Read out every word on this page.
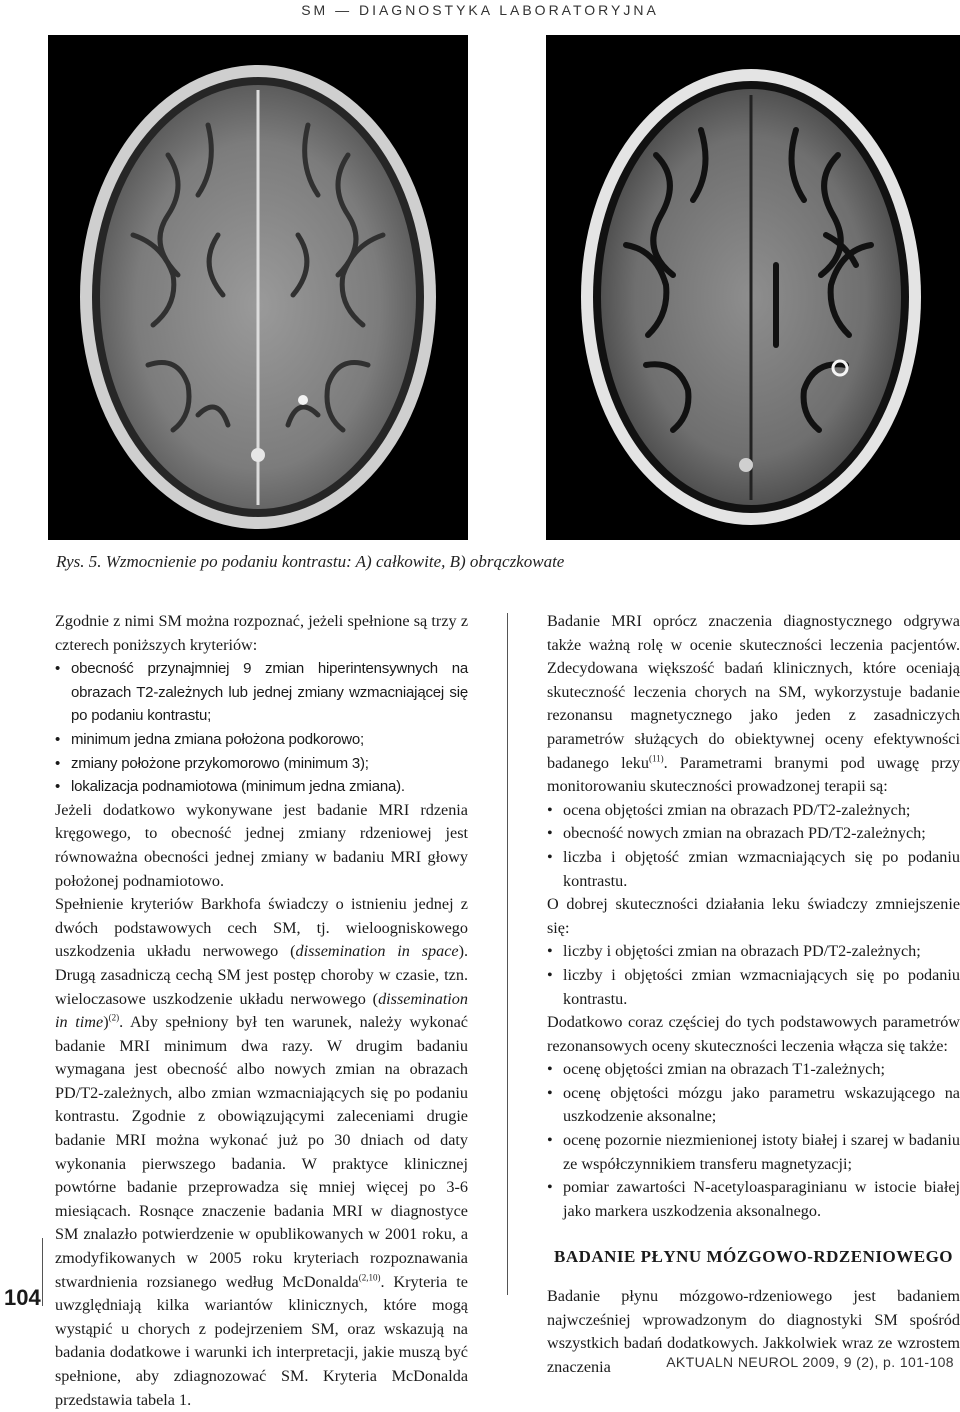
SM — DIAGNOSTYKA LABORATORYJNA
Rys. 5. Wzmocnienie po podaniu kontrastu: A) całkowite, B) obrączkowate

Zgodnie z nimi SM można rozpoznać, jeżeli spełnione są trzy z czterech poniższych kryteriów:

• obecność przynajmniej 9 zmian hiperintensywnych na obrazach T2-zależnych lub jednej zmiany wzmacniającej się po podaniu kontrastu;
• minimum jedna zmiana położona podkorowo;
• zmiany położone przykomorowo (minimum 3);
• lokalizacja podnamiotowa (minimum jedna zmiana).

Jeżeli dodatkowo wykonywane jest badanie MRI rdzenia kręgowego, to obecność jednej zmiany rdzeniowej jest równoważna obecności jednej zmiany w badaniu MRI głowy położonej podnamiotowo.

Spełnienie kryteriów Barkhofa świadczy o istnieniu jednej z dwóch podstawowych cech SM, tj. wieloogniskowego uszkodzenia układu nerwowego (dissemination in space). Drugą zasadniczą cechą SM jest postęp choroby w czasie, tzn. wieloczasowe uszkodzenie układu nerwowego (dissemination in time)$^{(2)}$. Aby spełniony był ten warunek, należy wykonać badanie MRI minimum dwa razy. W drugim badaniu wymagana jest obecność albo nowych zmian na obrazach PD/T2-zależnych, albo zmian wzmacniających się po podaniu kontrastu. Zgodnie z obowiązującymi zaleceniami drugie badanie MRI można wykonać już po 30 dniach od daty wykonania pierwszego badania. W praktyce klinicznej powtórne badanie przeprowadza się mniej więcej po 3-6 miesiącach. Rosnące znaczenie badania MRI w diagnostyce SM znalazło potwierdzenie w opublikowanych w 2001 roku, a zmodyfikowanych w 2005 roku kryteriach rozpoznawania stwardnienia rozsianego według McDonalda$^{(2,10)}$. Kryteria te uwzględniają kilka wariantów klinicznych, które mogą wystąpić u chorych z podejrzeniem SM, oraz wskazują na badania dodatkowe i warunki ich interpretacji, jakie muszą być spełnione, aby zdiagnozować SM. Kryteria McDonalda przedstawia tabela 1.

Badanie MRI oprócz znaczenia diagnostycznego odgrywa także ważną rolę w ocenie skuteczności leczenia pacjentów. Zdecydowana większość badań klinicznych, które oceniają skuteczność leczenia chorych na SM, wykorzystuje badanie rezonansu magnetycznego jako jeden z zasadniczych parametrów służących do obiektywnej oceny efektywności badanego leku$^{(11)}$. Parametrami branymi pod uwagę przy monitorowaniu skuteczności prowadzonej terapii są:

• ocena objętości zmian na obrazach PD/T2-zależnych;
• obecność nowych zmian na obrazach PD/T2-zależnych;
• liczba i objętość zmian wzmacniających się po podaniu kontrastu.

O dobrej skuteczności działania leku świadczy zmniejszenie się:

• liczby i objętości zmian na obrazach PD/T2-zależnych;
• liczby i objętości zmian wzmacniających się po podaniu kontrastu.

Dodatkowo coraz częściej do tych podstawowych parametrów rezonansowych oceny skuteczności leczenia włącza się także:

• ocenę objętości zmian na obrazach T1-zależnych;
• ocenę objętości mózgu jako parametru wskazującego na uszkodzenie aksonalne;
• ocenę pozornie niezmienionej istoty białej i szarej w badaniu ze współczynnikiem transferu magnetyzacji;
• pomiar zawartości N-acetyloasparaginianu w istocie białej jako markera uszkodzenia aksonalnego.

BADANIE PŁYNU MÓZGOWO-RDZENIOWEGO

Badanie płynu mózgowo-rdzeniowego jest badaniem najwcześniej wprowadzonym do diagnostyki SM spośród wszystkich badań dodatkowych. Jakkolwiek wraz ze wzrostem znaczenia

104
AKTUALN NEUROL 2009, 9 (2), p. 101-108
